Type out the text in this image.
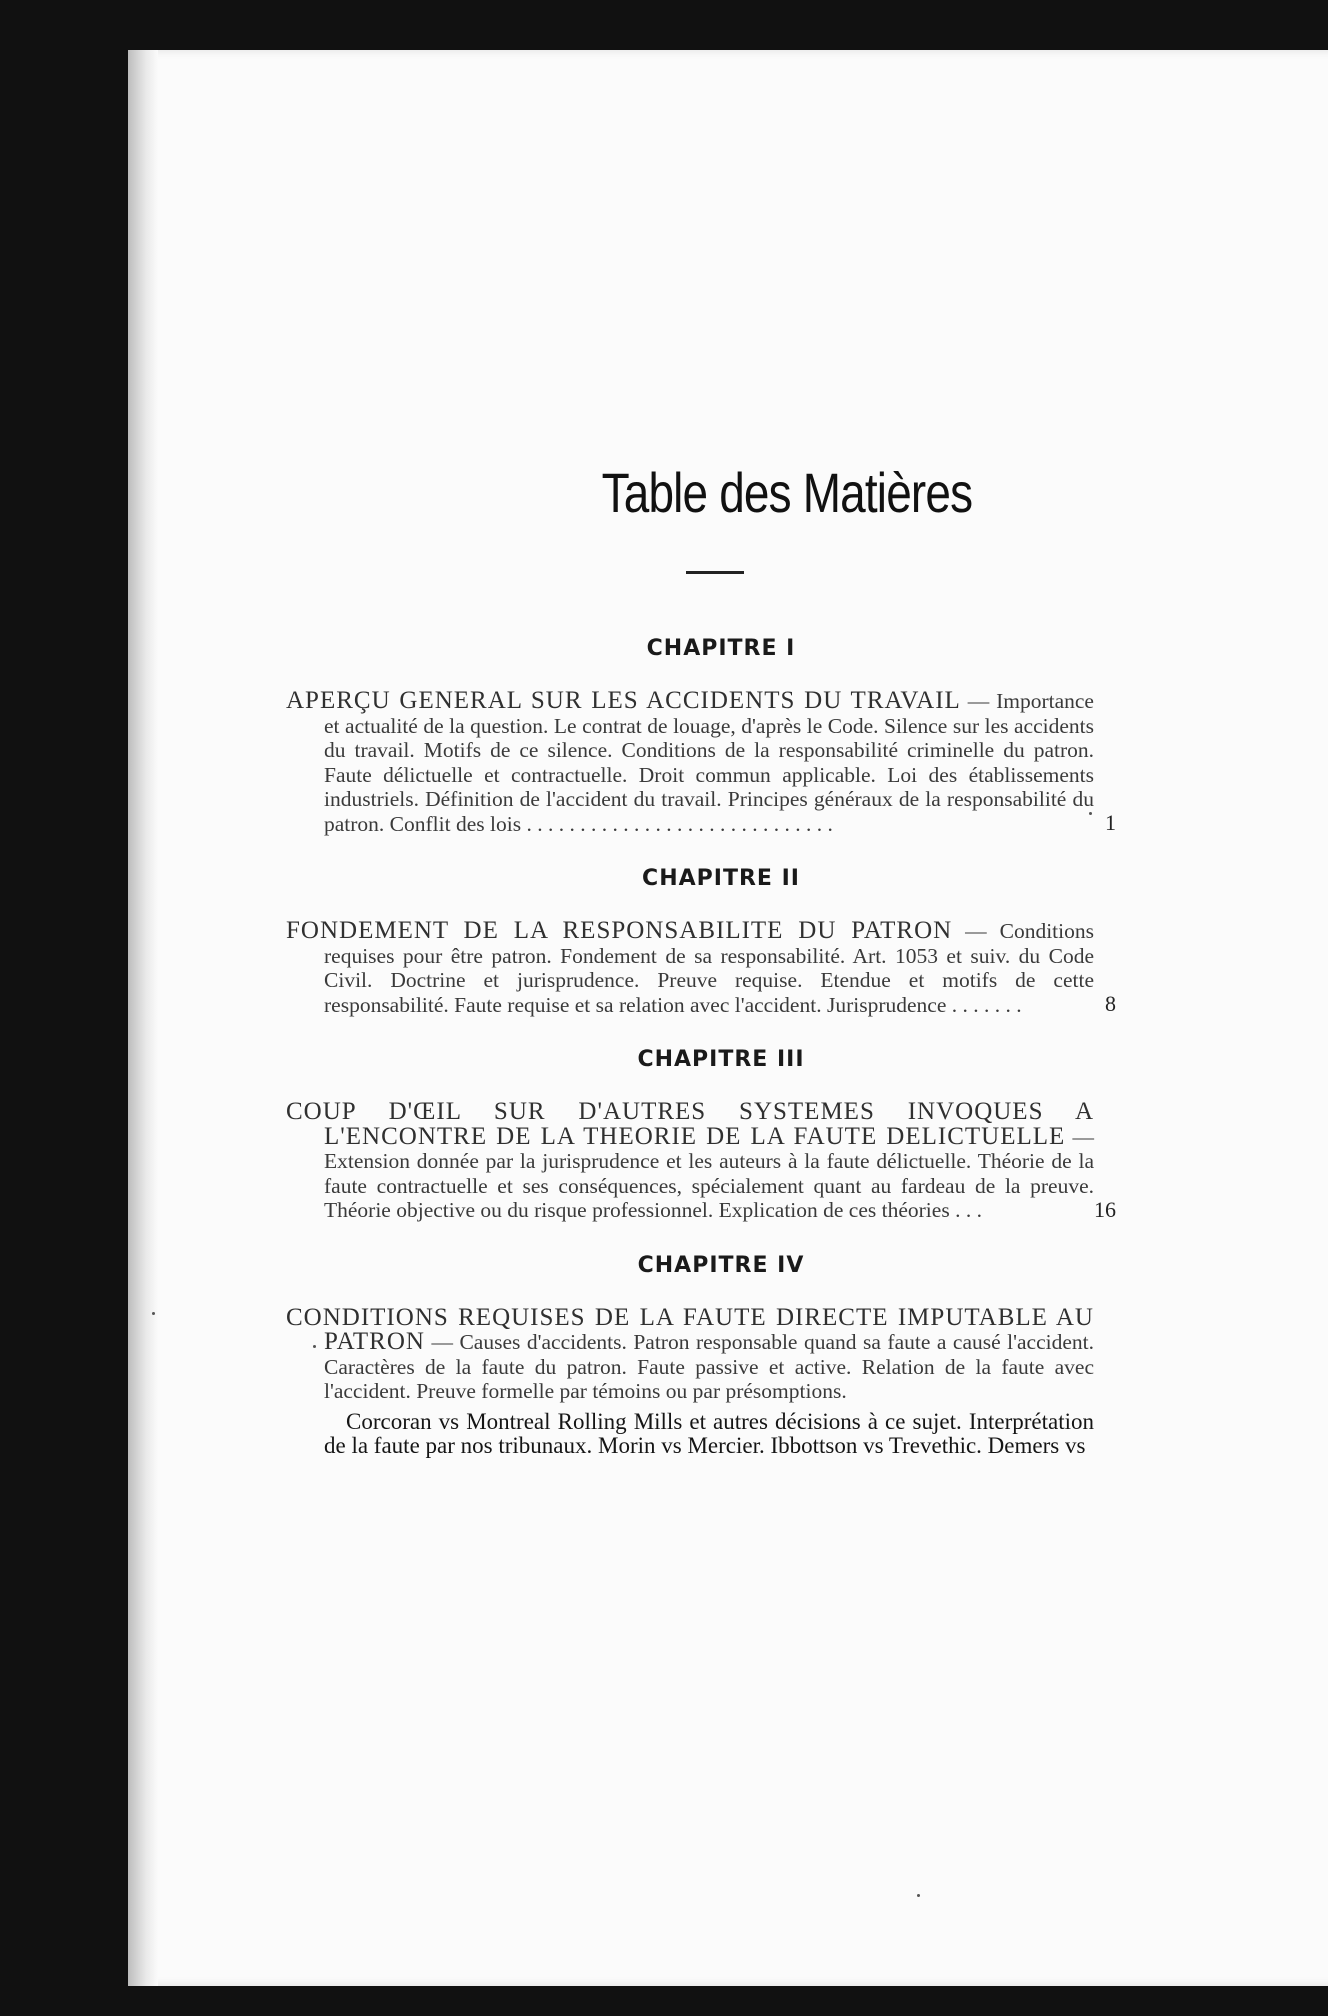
Table des Matières
CHAPITRE I
APERÇU GENERAL SUR LES ACCIDENTS DU TRAVAIL — Importance et actualité de la question. Le contrat de louage, d'après le Code. Silence sur les accidents du travail. Motifs de ce silence. Conditions de la responsabilité criminelle du patron. Faute délictuelle et contractuelle. Droit commun applicable. Loi des établissements industriels. Définition de l'accident du travail. Principes généraux de la responsabilité du patron. Conflit des lois . . . . . . . . . . . . . . . . . . . . . . . . . . . . .	1
CHAPITRE II
FONDEMENT DE LA RESPONSABILITE DU PATRON — Conditions requises pour être patron. Fondement de sa responsabilité. Art. 1053 et suiv. du Code Civil. Doctrine et jurisprudence. Preuve requise. Etendue et motifs de cette responsabilité. Faute requise et sa relation avec l'accident. Jurisprudence . . . . . . .	8
CHAPITRE III
COUP D'ŒIL SUR D'AUTRES SYSTEMES INVOQUES A L'ENCONTRE DE LA THEORIE DE LA FAUTE DELICTUELLE — Extension donnée par la jurisprudence et les auteurs à la faute délictuelle. Théorie de la faute contractuelle et ses conséquences, spécialement quant au fardeau de la preuve. Théorie objective ou du risque professionnel. Explication de ces théories . . .	16
CHAPITRE IV
CONDITIONS REQUISES DE LA FAUTE DIRECTE IMPUTABLE AU PATRON — Causes d'accidents. Patron responsable quand sa faute a causé l'accident. Caractères de la faute du patron. Faute passive et active. Relation de la faute avec l'accident. Preuve formelle par témoins ou par présomptions.
Corcoran vs Montreal Rolling Mills et autres décisions à ce sujet. Interprétation de la faute par nos tribunaux. Morin vs Mercier. Ibbottson vs Trevethic. Demers vs
